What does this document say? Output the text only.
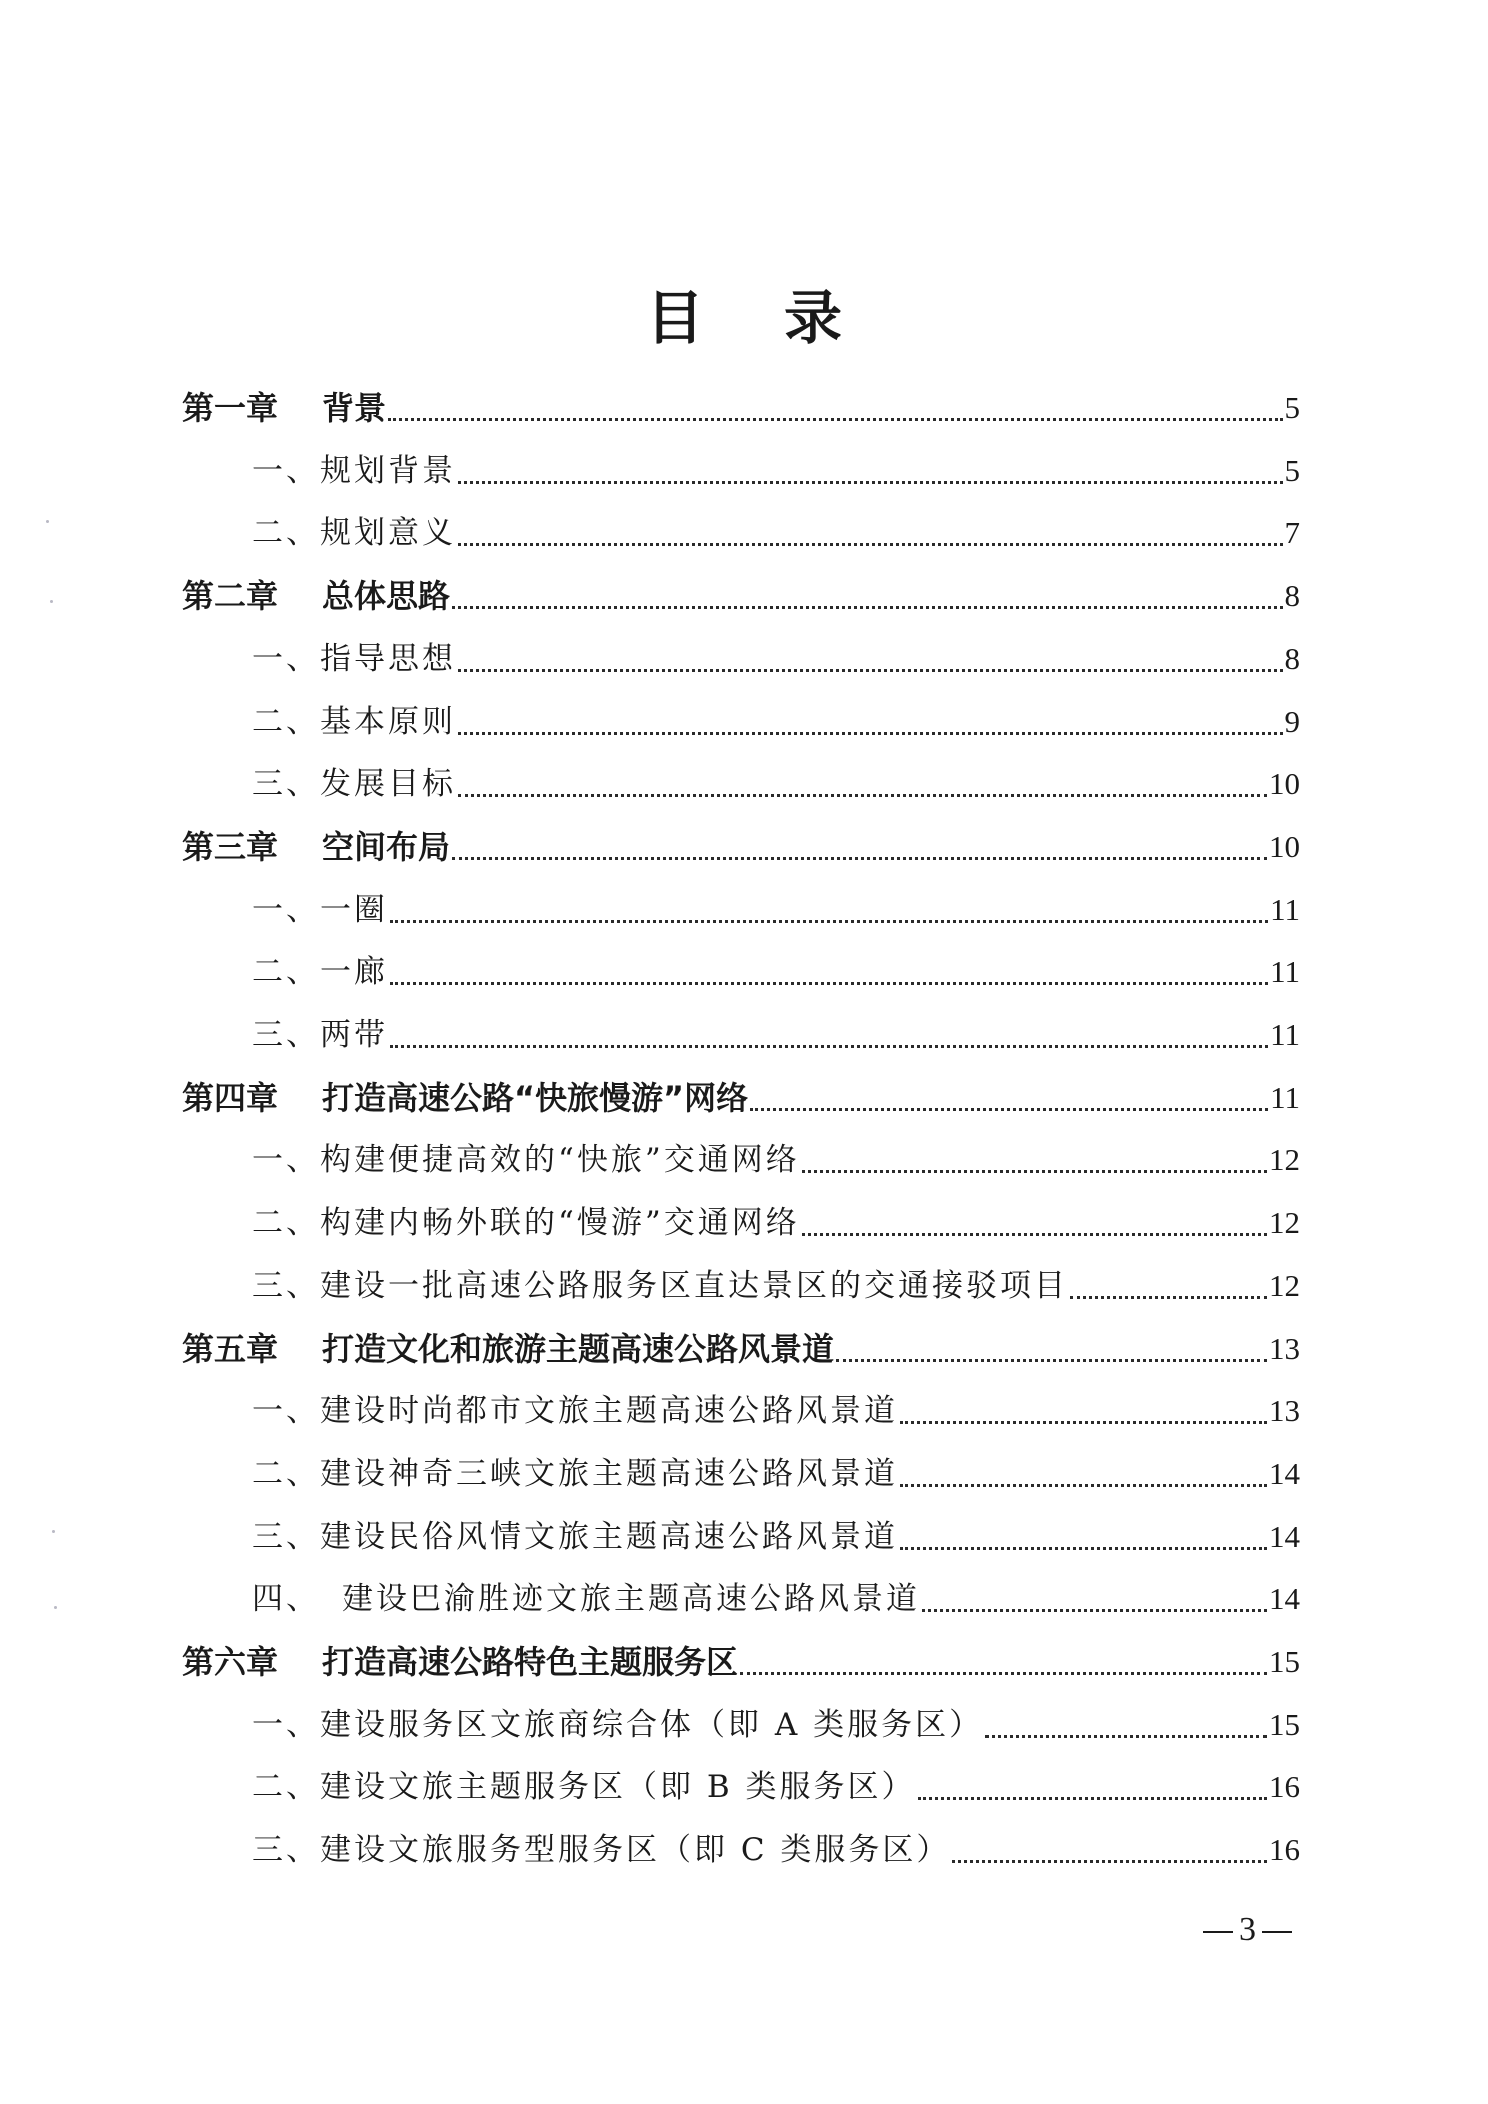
目 录
第一章	背景	5
一、 规划背景	5
二、 规划意义	7
第二章	总体思路	8
一、 指导思想	8
二、 基本原则	9
三、 发展目标	10
第三章	空间布局	10
一、 一圈	11
二、 一廊	11
三、 两带	11
第四章	打造高速公路“快旅慢游”网络	11
一、 构建便捷高效的“快旅”交通网络	12
二、 构建内畅外联的“慢游”交通网络	12
三、 建设一批高速公路服务区直达景区的交通接驳项目	12
第五章	打造文化和旅游主题高速公路风景道	13
一、 建设时尚都市文旅主题高速公路风景道	13
二、 建设神奇三峡文旅主题高速公路风景道	14
三、 建设民俗风情文旅主题高速公路风景道	14
四、 建设巴渝胜迹文旅主题高速公路风景道	14
第六章	打造高速公路特色主题服务区	15
一、 建设服务区文旅商综合体（即 A 类服务区）	15
二、 建设文旅主题服务区（即 B 类服务区）	16
三、 建设文旅服务型服务区（即 C 类服务区）	16
3
